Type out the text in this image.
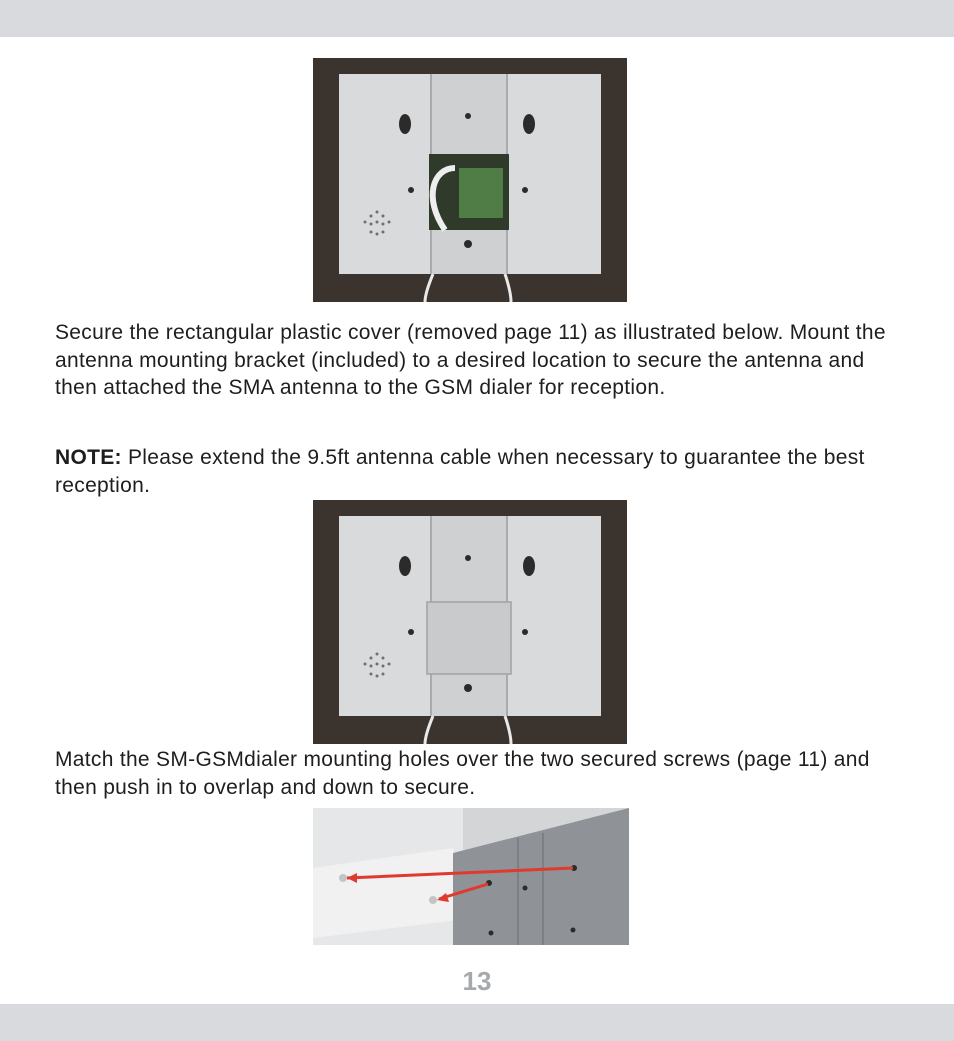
Secure the rectangular plastic cover (removed page 11) as illustrated below. Mount the antenna mounting bracket (included) to a desired location to secure the antenna and then attached the SMA antenna to the GSM dialer for reception.

NOTE: Please extend the 9.5ft antenna cable when necessary to guarantee the best reception.

Match the SM-GSMdialer mounting holes over the two secured screws (page 11) and then push in to overlap and down to secure.

13
